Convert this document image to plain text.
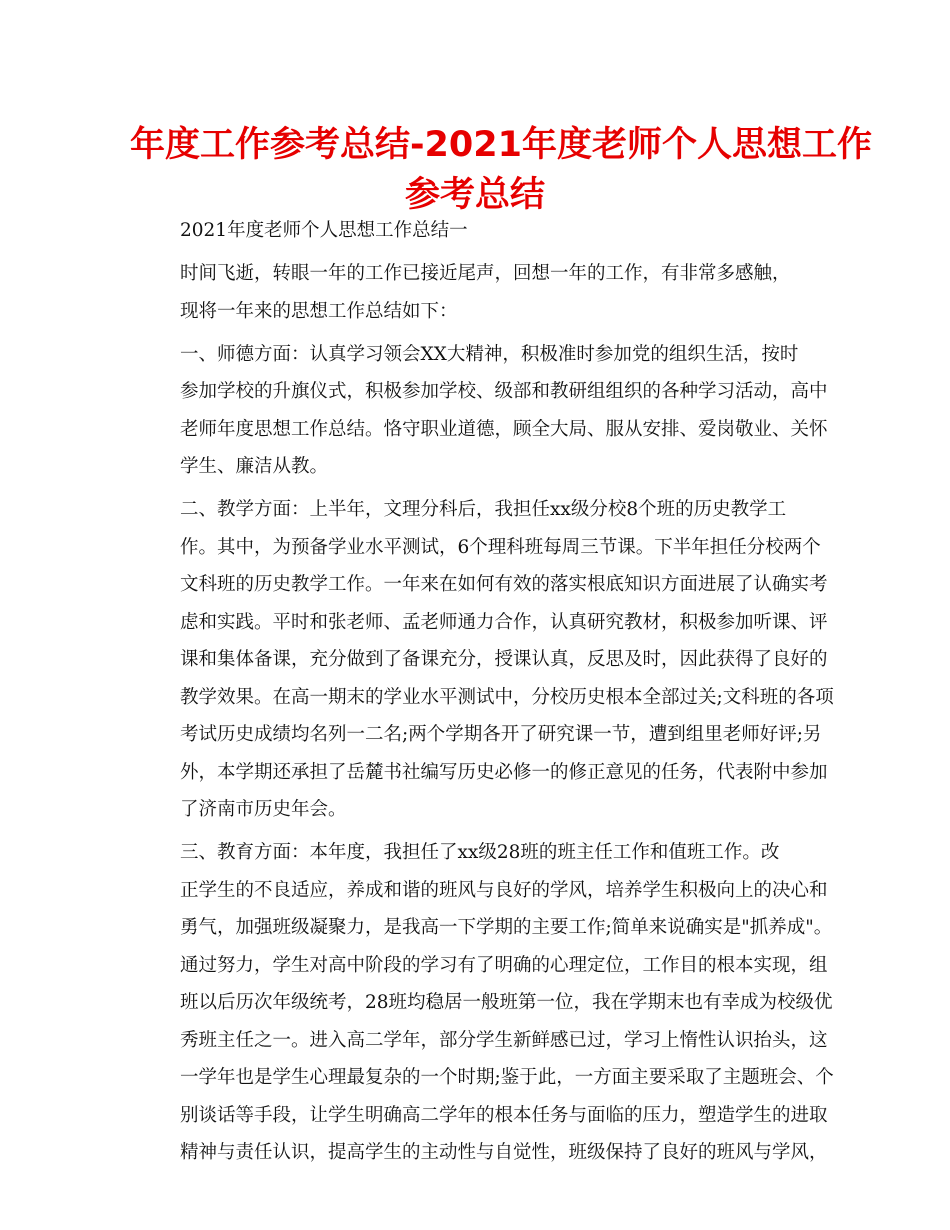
年度工作参考总结-2021年度老师个人思想工作
参考总结

2021年度老师个人思想工作总结一

时间飞逝，转眼一年的工作已接近尾声，回想一年的工作，有非常多感触，
现将一年来的思想工作总结如下：

一、师德方面：认真学习领会XX大精神，积极准时参加党的组织生活，按时
参加学校的升旗仪式，积极参加学校、级部和教研组组织的各种学习活动，高中
老师年度思想工作总结。恪守职业道德，顾全大局、服从安排、爱岗敬业、关怀
学生、廉洁从教。

二、教学方面：上半年，文理分科后，我担任xx级分校8个班的历史教学工
作。其中，为预备学业水平测试，6个理科班每周三节课。下半年担任分校两个
文科班的历史教学工作。一年来在如何有效的落实根底知识方面进展了认确实考
虑和实践。平时和张老师、孟老师通力合作，认真研究教材，积极参加听课、评
课和集体备课，充分做到了备课充分，授课认真，反思及时，因此获得了良好的
教学效果。在高一期末的学业水平测试中，分校历史根本全部过关;文科班的各项
考试历史成绩均名列一二名;两个学期各开了研究课一节，遭到组里老师好评;另
外，本学期还承担了岳麓书社编写历史必修一的修正意见的任务，代表附中参加
了济南市历史年会。

三、教育方面：本年度，我担任了xx级28班的班主任工作和值班工作。改
正学生的不良适应，养成和谐的班风与良好的学风，培养学生积极向上的决心和
勇气，加强班级凝聚力，是我高一下学期的主要工作;简单来说确实是"抓养成"。
通过努力，学生对高中阶段的学习有了明确的心理定位，工作目的根本实现，组
班以后历次年级统考，28班均稳居一般班第一位，我在学期末也有幸成为校级优
秀班主任之一。进入高二学年，部分学生新鲜感已过，学习上惰性认识抬头，这
一学年也是学生心理最复杂的一个时期;鉴于此，一方面主要采取了主题班会、个
别谈话等手段，让学生明确高二学年的根本任务与面临的压力，塑造学生的进取
精神与责任认识，提高学生的主动性与自觉性，班级保持了良好的班风与学风，
